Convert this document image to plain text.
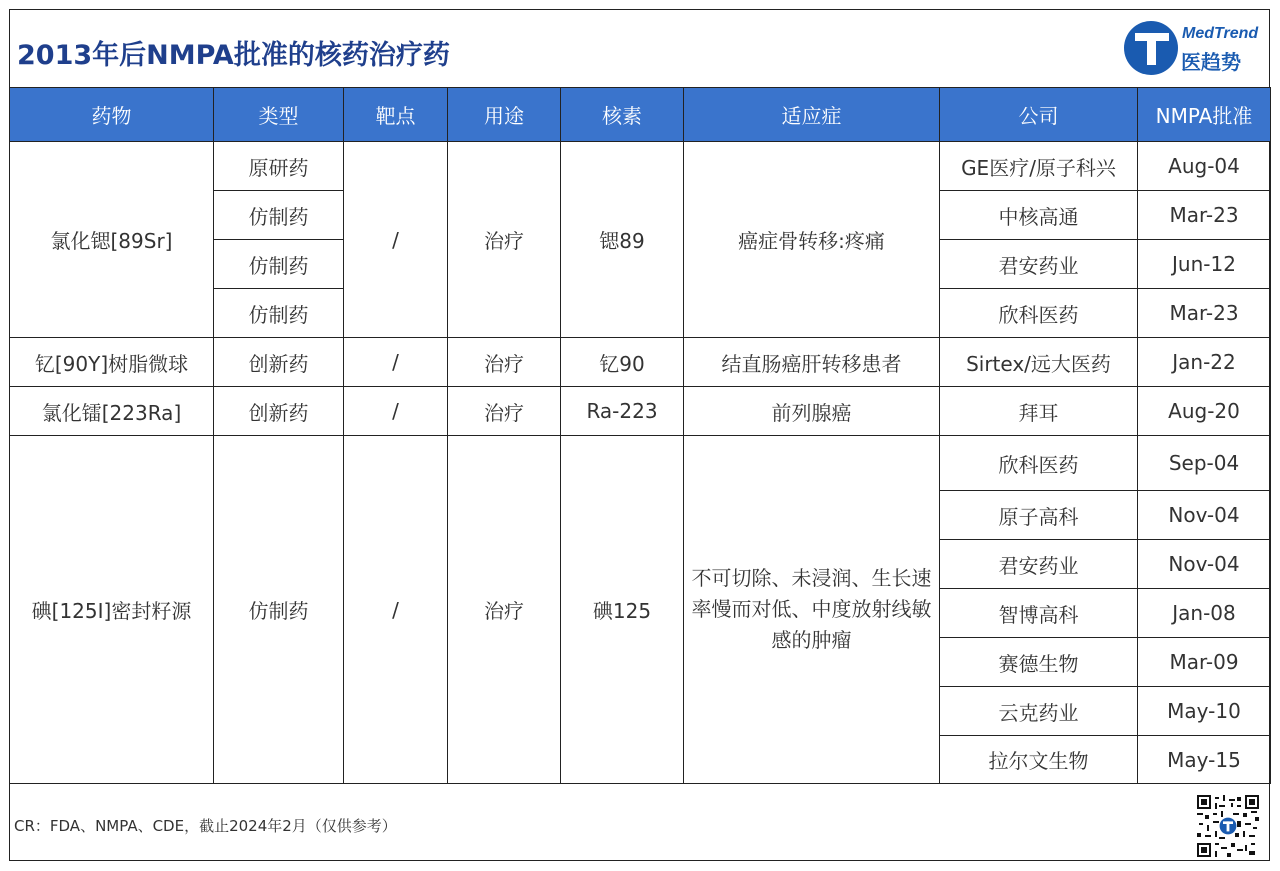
2013年后NMPA批准的核药治疗药
MedTrend
医趋势
药物	类型	靶点	用途	核素	适应症	公司	NMPA批准
氯化锶[89Sr]	原研药	/	治疗	锶89	癌症骨转移:疼痛	GE医疗/原子科兴	Aug-04
	仿制药					中核高通	Mar-23
	仿制药					君安药业	Jun-12
	仿制药					欣科医药	Mar-23
钇[90Y]树脂微球	创新药	/	治疗	钇90	结直肠癌肝转移患者	Sirtex/远大医药	Jan-22
氯化镭[223Ra]	创新药	/	治疗	Ra-223	前列腺癌	拜耳	Aug-20
碘[125I]密封籽源	仿制药	/	治疗	碘125	不可切除、未浸润、生长速率慢而对低、中度放射线敏感的肿瘤	欣科医药	Sep-04
						原子高科	Nov-04
						君安药业	Nov-04
						智博高科	Jan-08
						赛德生物	Mar-09
						云克药业	May-10
						拉尔文生物	May-15
CR：FDA、NMPA、CDE，截止2024年2月（仅供参考）
